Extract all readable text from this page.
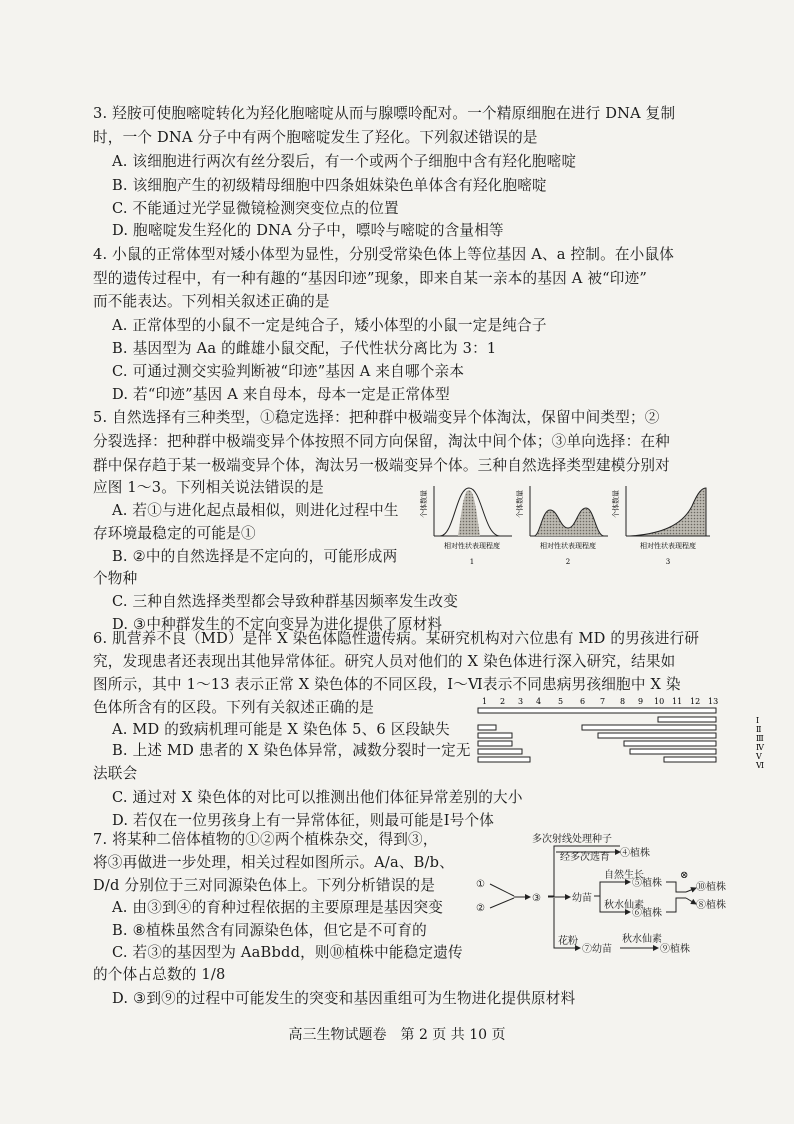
3. 羟胺可使胞嘧啶转化为羟化胞嘧啶从而与腺嘌呤配对。一个精原细胞在进行 DNA 复制
时，一个 DNA 分子中有两个胞嘧啶发生了羟化。下列叙述错误的是
A. 该细胞进行两次有丝分裂后，有一个或两个子细胞中含有羟化胞嘧啶
B. 该细胞产生的初级精母细胞中四条姐妹染色单体含有羟化胞嘧啶
C. 不能通过光学显微镜检测突变位点的位置
D. 胞嘧啶发生羟化的 DNA 分子中，嘌呤与嘧啶的含量相等
4. 小鼠的正常体型对矮小体型为显性，分别受常染色体上等位基因 A、a 控制。在小鼠体
型的遗传过程中，有一种有趣的“基因印迹”现象，即来自某一亲本的基因 A 被“印迹”
而不能表达。下列相关叙述正确的是
A. 正常体型的小鼠不一定是纯合子，矮小体型的小鼠一定是纯合子
B. 基因型为 Aa 的雌雄小鼠交配，子代性状分离比为 3：1
C. 可通过测交实验判断被“印迹”基因 A 来自哪个亲本
D. 若“印迹”基因 A 来自母本，母本一定是正常体型
5. 自然选择有三种类型，①稳定选择：把种群中极端变异个体淘汰，保留中间类型；②
分裂选择：把种群中极端变异个体按照不同方向保留，淘汰中间个体；③单向选择：在种
群中保存趋于某一极端变异个体，淘汰另一极端变异个体。三种自然选择类型建模分别对
应图 1～3。下列相关说法错误的是
A. 若①与进化起点最相似，则进化过程中生
存环境最稳定的可能是①
B. ②中的自然选择是不定向的，可能形成两
个物种
C. 三种自然选择类型都会导致种群基因频率发生改变
D. ③中种群发生的不定向变异为进化提供了原材料
个体数量
相对性状表现程度
1
个体数量
相对性状表现程度
2
个体数量
相对性状表现程度
3
6. 肌营养不良（MD）是伴 X 染色体隐性遗传病。某研究机构对六位患有 MD 的男孩进行研
究，发现患者还表现出其他异常体征。研究人员对他们的 X 染色体进行深入研究，结果如
图所示，其中 1～13 表示正常 X 染色体的不同区段，Ⅰ～Ⅵ表示不同患病男孩细胞中 X 染
色体所含有的区段。下列有关叙述正确的是
A. MD 的致病机理可能是 X 染色体 5、6 区段缺失
B. 上述 MD 患者的 X 染色体异常，减数分裂时一定无
法联会
C. 通过对 X 染色体的对比可以推测出他们体征异常差别的大小
D. 若仅在一位男孩身上有一异常体征，则最可能是Ⅰ号个体
1 2 3 4 5 6 7 8 9 10 11 12 13
Ⅰ
Ⅱ
Ⅲ
Ⅳ
Ⅴ
Ⅵ
7. 将某种二倍体植物的①②两个植株杂交，得到③，
将③再做进一步处理，相关过程如图所示。A/a、B/b、
D/d 分别位于三对同源染色体上。下列分析错误的是
A. 由③到④的育种过程依据的主要原理是基因突变
B. ⑧植株虽然含有同源染色体，但它是不可育的
C. 若③的基因型为 AaBbdd，则⑩植株中能稳定遗传
的个体占总数的 1/8
D. ③到⑨的过程中可能发生的突变和基因重组可为生物进化提供原材料
①
②
③
多次射线处理种子
经多次选育 ④植株
幼苗
自然生长
秋水仙素
⑤植株
⑥植株
⊗
⑩植株
⑧植株
花粉
⑦幼苗
秋水仙素
⑨植株
高三生物试题卷　第 2 页 共 10 页
